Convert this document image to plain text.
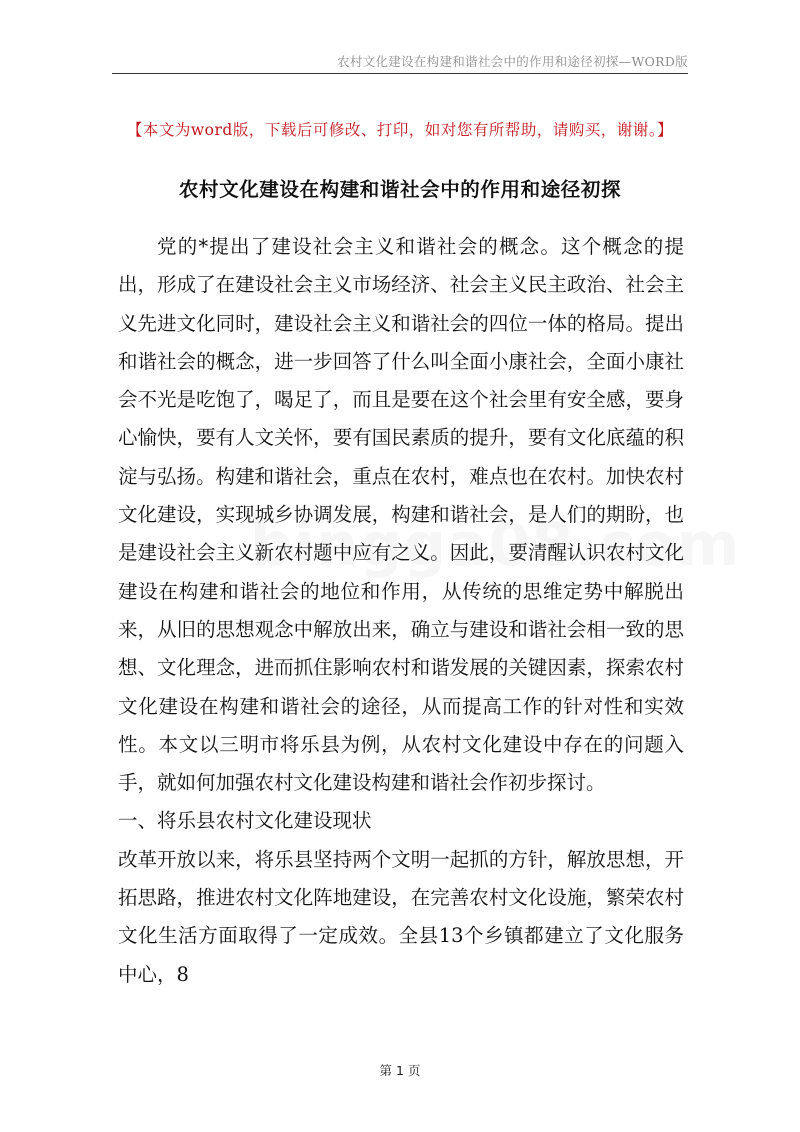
农村文化建设在构建和谐社会中的作用和途径初探—WORD版
【本文为word版，下载后可修改、打印，如对您有所帮助，请购买，谢谢。】
农村文化建设在构建和谐社会中的作用和途径初探

党的*提出了建设社会主义和谐社会的概念。这个概念的提出，形成了在建设社会主义市场经济、社会主义民主政治、社会主义先进文化同时，建设社会主义和谐社会的四位一体的格局。提出和谐社会的概念，进一步回答了什么叫全面小康社会，全面小康社会不光是吃饱了，喝足了，而且是要在这个社会里有安全感，要身心愉快，要有人文关怀，要有国民素质的提升，要有文化底蕴的积淀与弘扬。构建和谐社会，重点在农村，难点也在农村。加快农村文化建设，实现城乡协调发展，构建和谐社会，是人们的期盼，也是建设社会主义新农村题中应有之义。因此，要清醒认识农村文化建设在构建和谐社会的地位和作用，从传统的思维定势中解脱出来，从旧的思想观念中解放出来，确立与建设和谐社会相一致的思想、文化理念，进而抓住影响农村和谐发展的关键因素，探索农村文化建设在构建和谐社会的途径，从而提高工作的针对性和实效性。本文以三明市将乐县为例，从农村文化建设中存在的问题入手，就如何加强农村文化建设构建和谐社会作初步探讨。

一、将乐县农村文化建设现状

改革开放以来，将乐县坚持两个文明一起抓的方针，解放思想，开拓思路，推进农村文化阵地建设，在完善农村文化设施，繁荣农村文化生活方面取得了一定成效。全县13个乡镇都建立了文化服务中心，8

第 1 页
